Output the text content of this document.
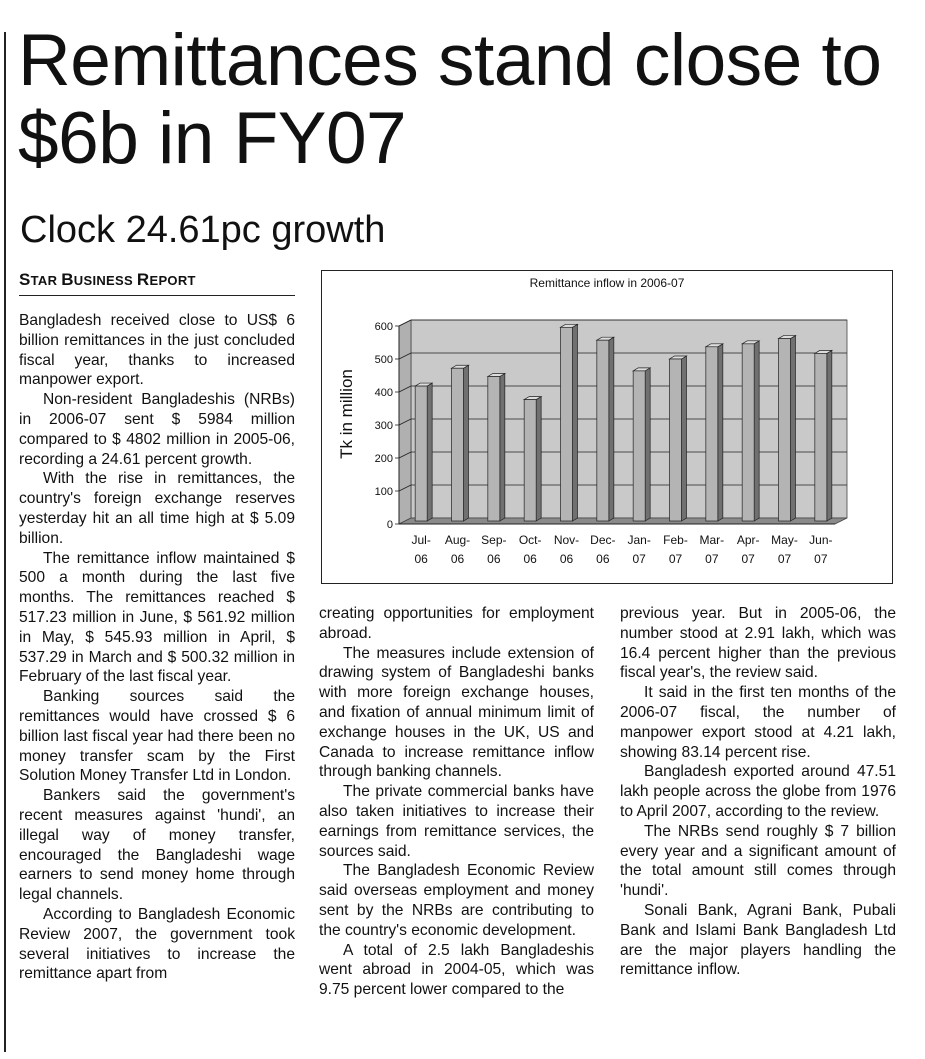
Remittances stand close to $6b in FY07
Clock 24.61pc growth
STAR BUSINESS REPORT

Bangladesh received close to US$ 6 billion remittances in the just concluded fiscal year, thanks to increased manpower export.

Non-resident Bangladeshis (NRBs) in 2006-07 sent $ 5984 million compared to $ 4802 million in 2005-06, recording a 24.61 percent growth.

With the rise in remittances, the country's foreign exchange reserves yesterday hit an all time high at $ 5.09 billion.

The remittance inflow maintained $ 500 a month during the last five months. The remittances reached $ 517.23 million in June, $ 561.92 million in May, $ 545.93 million in April, $ 537.29 in March and $ 500.32 million in February of the last fiscal year.

Banking sources said the remittances would have crossed $ 6 billion last fiscal year had there been no money transfer scam by the First Solution Money Transfer Ltd in London.

Bankers said the government's recent measures against 'hundi', an illegal way of money transfer, encouraged the Bangladeshi wage earners to send money home through legal channels.

According to Bangladesh Economic Review 2007, the government took several initiatives to increase the remittance apart from

creating opportunities for employment abroad.

The measures include extension of drawing system of Bangladeshi banks with more foreign exchange houses, and fixation of annual minimum limit of exchange houses in the UK, US and Canada to increase remittance inflow through banking channels.

The private commercial banks have also taken initiatives to increase their earnings from remittance services, the sources said.

The Bangladesh Economic Review said overseas employment and money sent by the NRBs are contributing to the country's economic development.

A total of 2.5 lakh Bangladeshis went abroad in 2004-05, which was 9.75 percent lower compared to the

previous year. But in 2005-06, the number stood at 2.91 lakh, which was 16.4 percent higher than the previous fiscal year's, the review said.

It said in the first ten months of the 2006-07 fiscal, the number of manpower export stood at 4.21 lakh, showing 83.14 percent rise.

Bangladesh exported around 47.51 lakh people across the globe from 1976 to April 2007, according to the review.

The NRBs send roughly $ 7 billion every year and a significant amount of the total amount still comes through 'hundi'.

Sonali Bank, Agrani Bank, Pubali Bank and Islami Bank Bangladesh Ltd are the major players handling the remittance inflow.

Remittance inflow in 2006-07
Tk in million
0
100
200
300
400
500
600
Jul-
06
Aug-
06
Sep-
06
Oct-
06
Nov-
06
Dec-
06
Jan-
07
Feb-
07
Mar-
07
Apr-
07
May-
07
Jun-
07
